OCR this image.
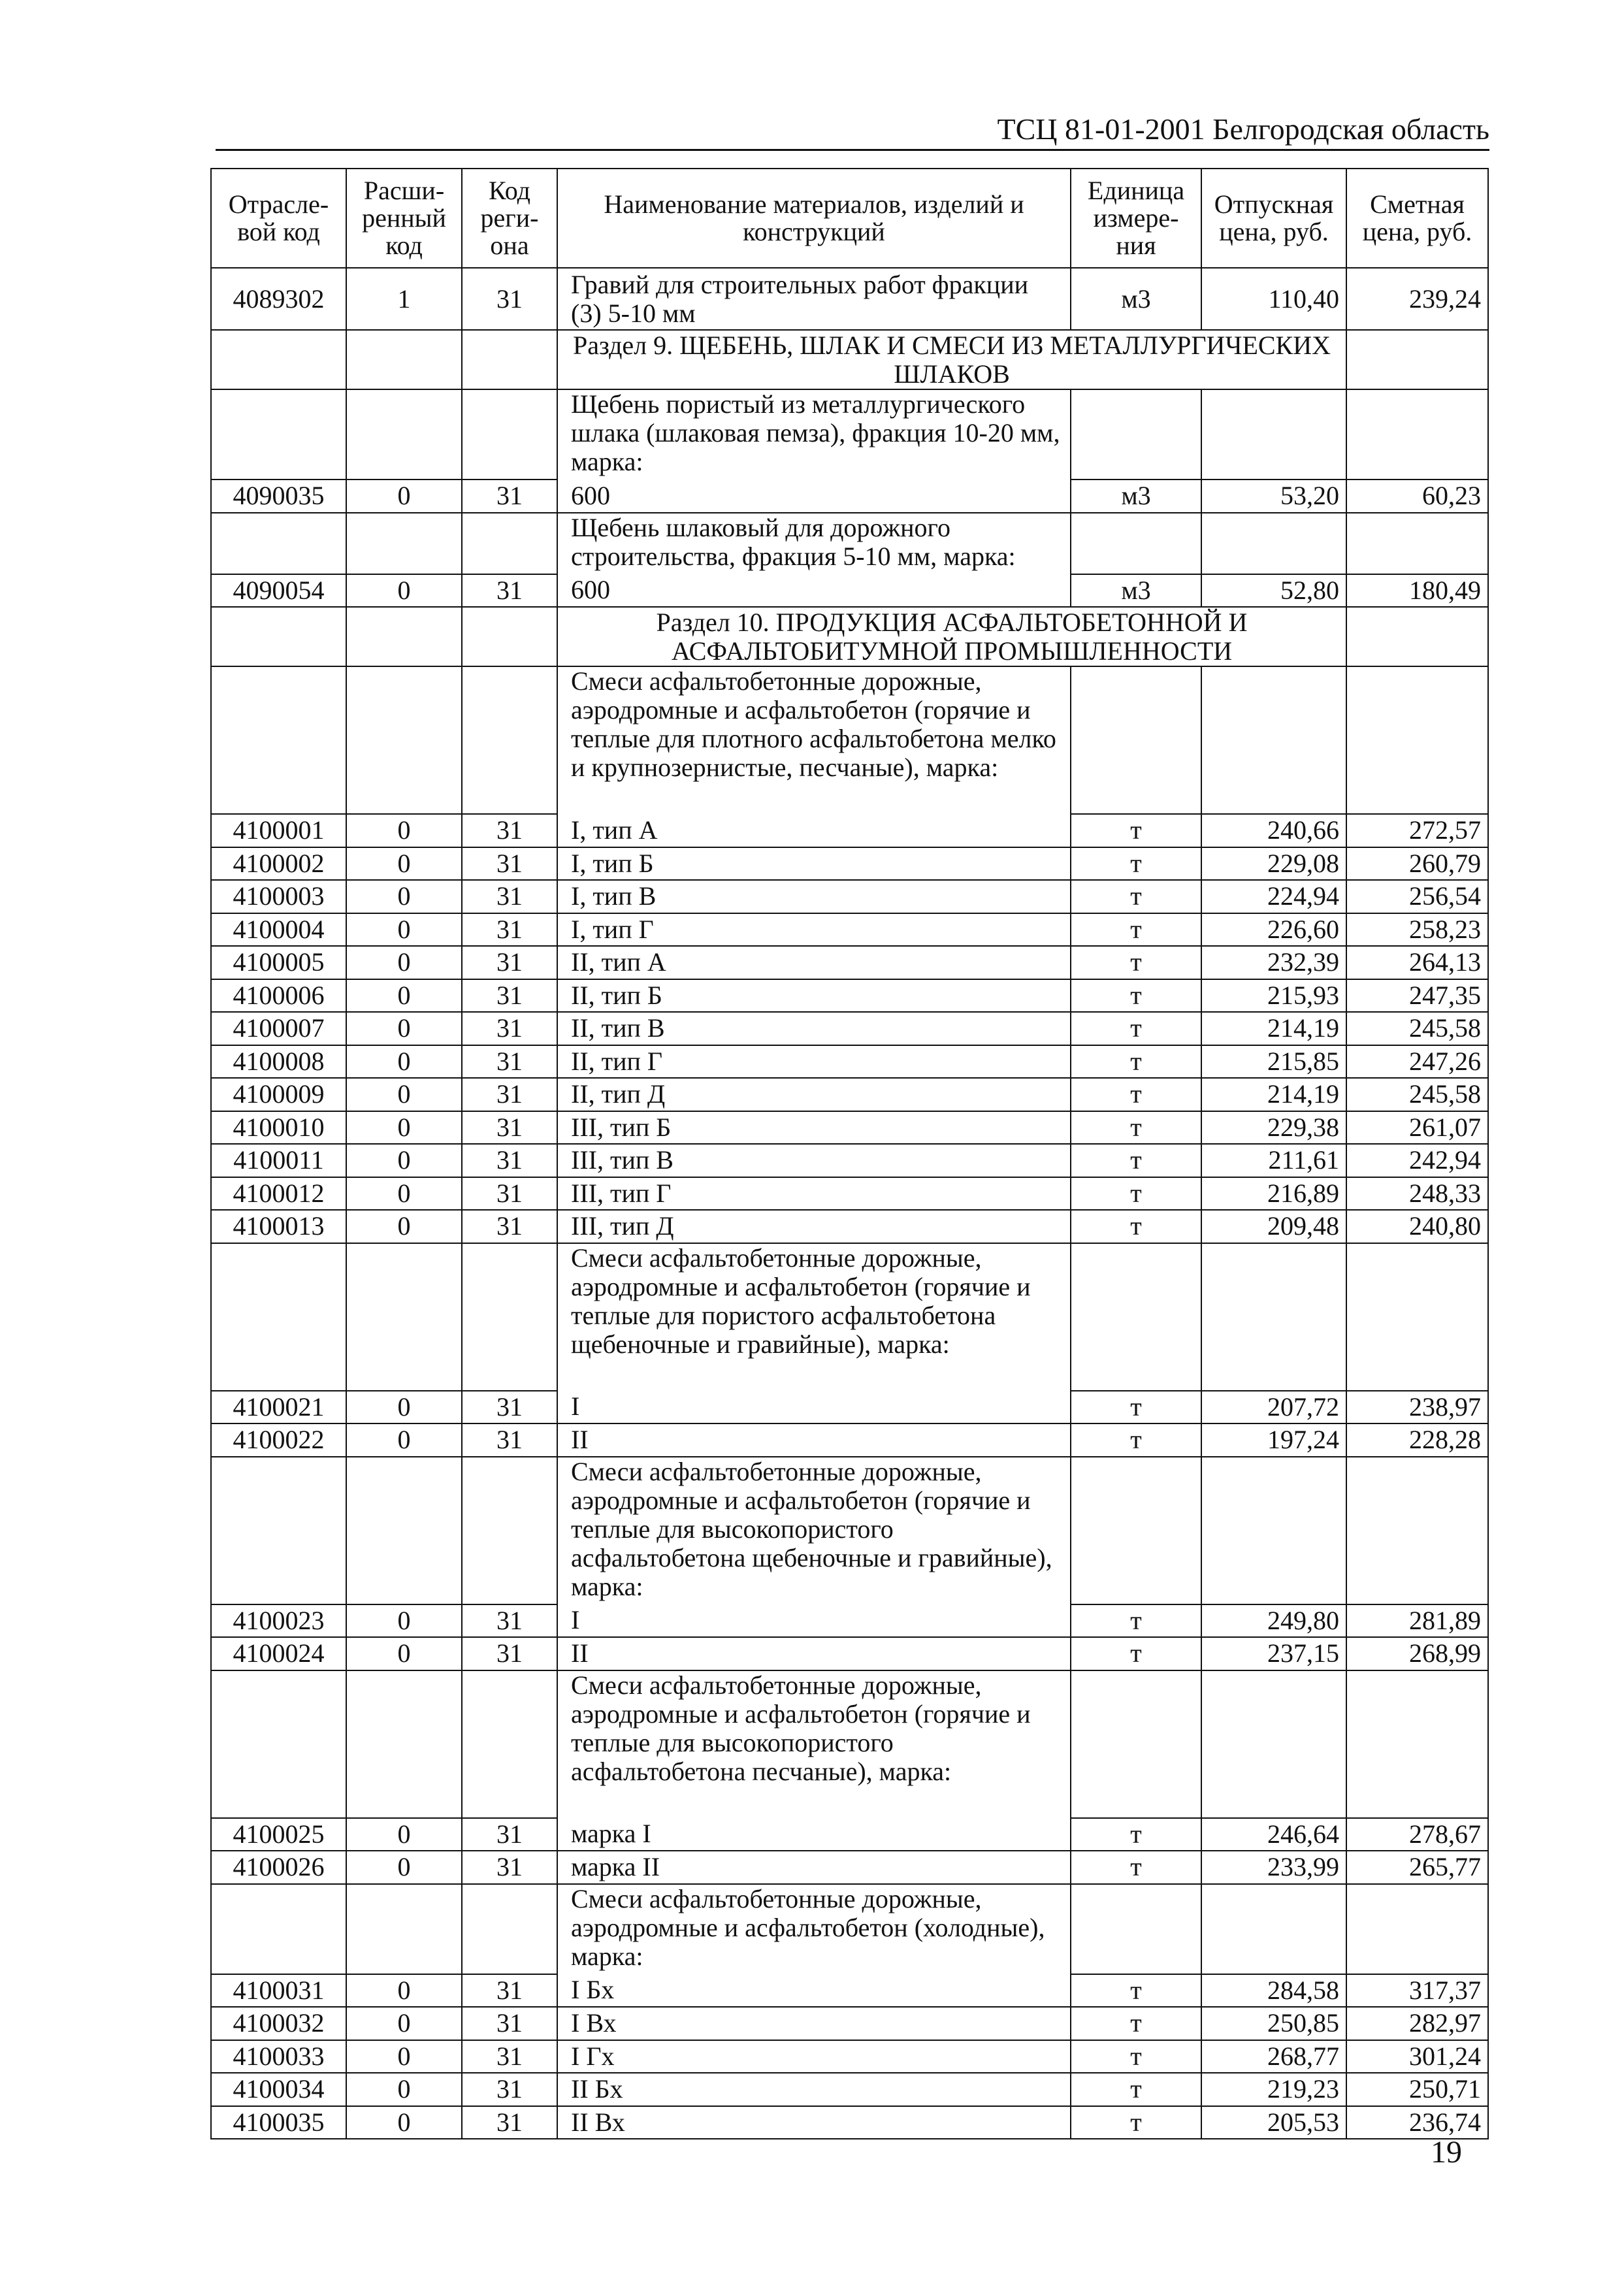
ТСЦ 81-01-2001 Белгородская область
Отрасле-вой код	Расши-ренный код	Код реги-она	Наименование материалов, изделий и конструкций	Единица измере-ния	Отпускная цена, руб.	Сметная цена, руб.
4089302	1	31	Гравий для строительных работ фракции (3) 5-10 мм	м3	110,40	239,24
			Раздел 9. ЩЕБЕНЬ, ШЛАК И СМЕСИ ИЗ МЕТАЛЛУРГИЧЕСКИХ ШЛАКОВ			
			Щебень пористый из металлургического шлака (шлаковая пемза), фракция 10-20 мм, марка:			
4090035	0	31	600	м3	53,20	60,23
			Щебень шлаковый для дорожного строительства, фракция 5-10 мм, марка:			
4090054	0	31	600	м3	52,80	180,49
			Раздел 10. ПРОДУКЦИЯ АСФАЛЬТОБЕТОННОЙ И АСФАЛЬТОБИТУМНОЙ ПРОМЫШЛЕННОСТИ			
			Смеси асфальтобетонные дорожные, аэродромные и асфальтобетон (горячие и теплые для плотного асфальтобетона мелко и крупнозернистые, песчаные), марка:			
4100001	0	31	I, тип А	т	240,66	272,57
4100002	0	31	I, тип Б	т	229,08	260,79
4100003	0	31	I, тип В	т	224,94	256,54
4100004	0	31	I, тип Г	т	226,60	258,23
4100005	0	31	II, тип А	т	232,39	264,13
4100006	0	31	II, тип Б	т	215,93	247,35
4100007	0	31	II, тип В	т	214,19	245,58
4100008	0	31	II, тип Г	т	215,85	247,26
4100009	0	31	II, тип Д	т	214,19	245,58
4100010	0	31	III, тип Б	т	229,38	261,07
4100011	0	31	III, тип В	т	211,61	242,94
4100012	0	31	III, тип Г	т	216,89	248,33
4100013	0	31	III, тип Д	т	209,48	240,80
			Смеси асфальтобетонные дорожные, аэродромные и асфальтобетон (горячие и теплые для пористого асфальтобетона щебеночные и гравийные), марка:			
4100021	0	31	I	т	207,72	238,97
4100022	0	31	II	т	197,24	228,28
			Смеси асфальтобетонные дорожные, аэродромные и асфальтобетон (горячие и теплые для высокопористого асфальтобетона щебеночные и гравийные), марка:			
4100023	0	31	I	т	249,80	281,89
4100024	0	31	II	т	237,15	268,99
			Смеси асфальтобетонные дорожные, аэродромные и асфальтобетон (горячие и теплые для высокопористого асфальтобетона песчаные), марка:			
4100025	0	31	марка I	т	246,64	278,67
4100026	0	31	марка II	т	233,99	265,77
			Смеси асфальтобетонные дорожные, аэродромные и асфальтобетон (холодные), марка:			
4100031	0	31	I Бх	т	284,58	317,37
4100032	0	31	I Вх	т	250,85	282,97
4100033	0	31	I Гх	т	268,77	301,24
4100034	0	31	II Бх	т	219,23	250,71
4100035	0	31	II Вх	т	205,53	236,74
19
